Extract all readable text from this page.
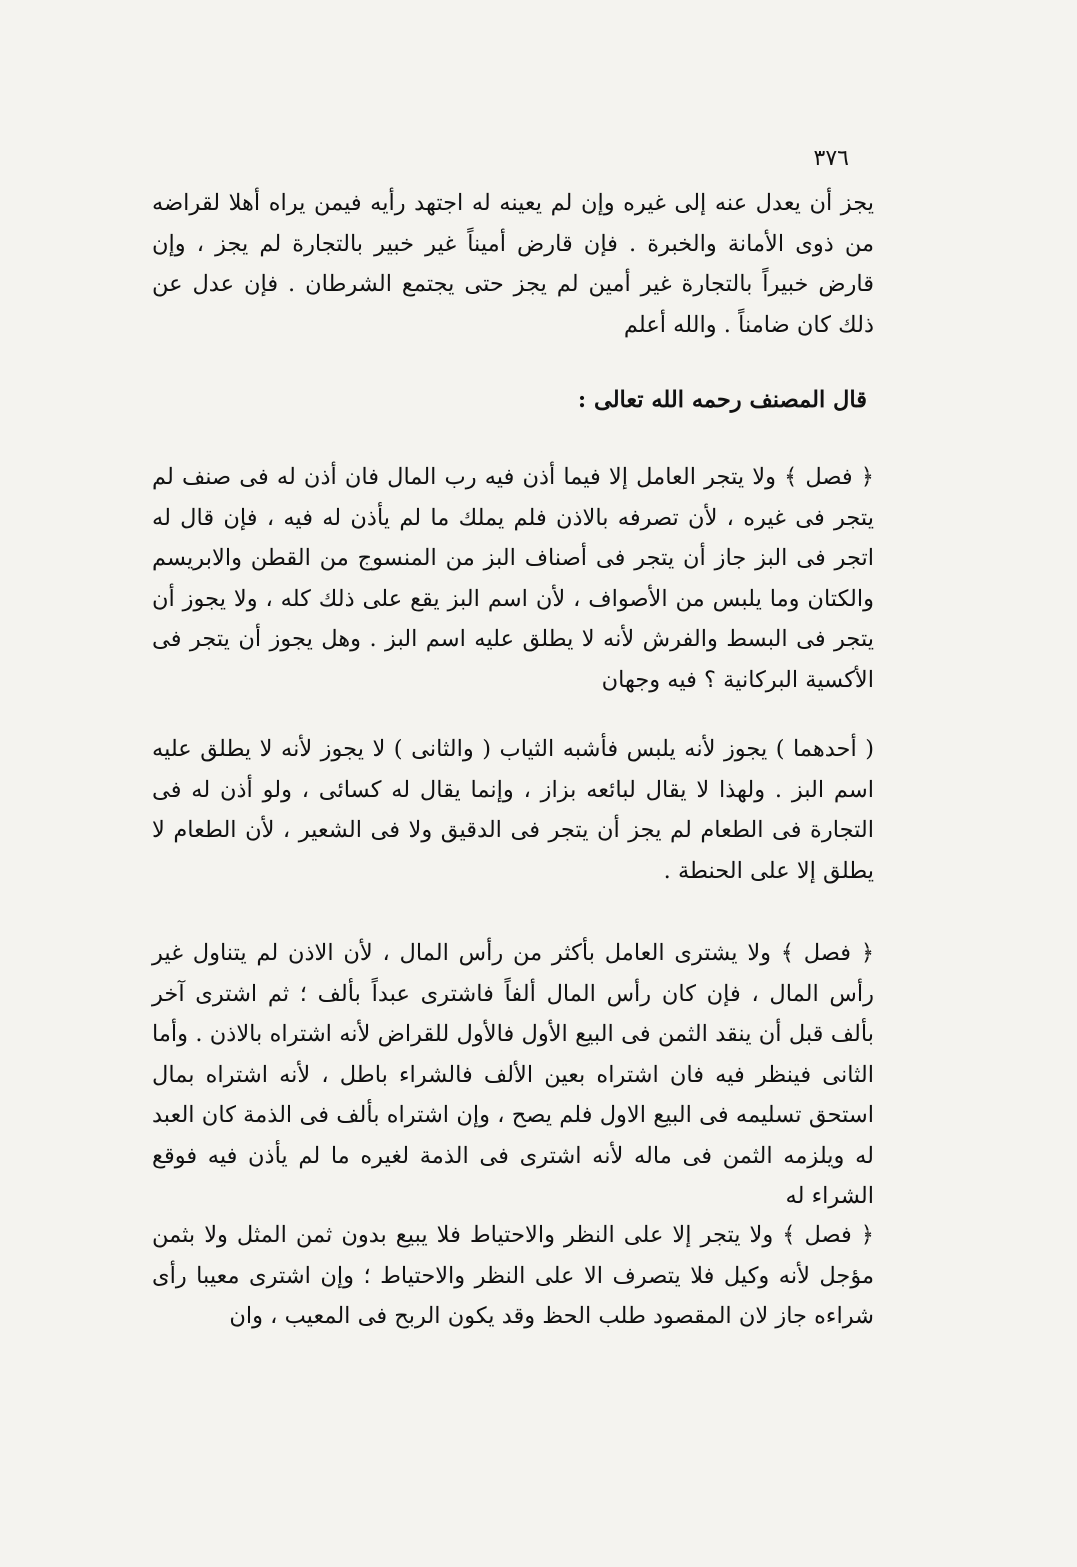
٣٧٦

يجز أن يعدل عنه إلى غيره وإن لم يعينه له اجتهد رأيه فيمن يراه أهلا لقراضه من ذوى الأمانة والخبرة . فإن قارض أميناً غير خبير بالتجارة لم يجز ، وإن قارض خبيراً بالتجارة غير أمين لم يجز حتى يجتمع الشرطان . فإن عدل عن ذلك كان ضامناً . والله أعلم

قال المصنف رحمه الله تعالى :

﴿ فصل ﴾ ولا يتجر العامل إلا فيما أذن فيه رب المال فان أذن له فى صنف لم يتجر فى غيره ، لأن تصرفه بالاذن فلم يملك ما لم يأذن له فيه ، فإن قال له اتجر فى البز جاز أن يتجر فى أصناف البز من المنسوج من القطن والابريسم والكتان وما يلبس من الأصواف ، لأن اسم البز يقع على ذلك كله ، ولا يجوز أن يتجر فى البسط والفرش لأنه لا يطلق عليه اسم البز . وهل يجوز أن يتجر فى الأكسية البركانية ؟ فيه وجهان

( أحدهما ) يجوز لأنه يلبس فأشبه الثياب ( والثانى ) لا يجوز لأنه لا يطلق عليه اسم البز . ولهذا لا يقال لبائعه بزاز ، وإنما يقال له كسائى ، ولو أذن له فى التجارة فى الطعام لم يجز أن يتجر فى الدقيق ولا فى الشعير ، لأن الطعام لا يطلق إلا على الحنطة .

﴿ فصل ﴾ ولا يشترى العامل بأكثر من رأس المال ، لأن الاذن لم يتناول غير رأس المال ، فإن كان رأس المال ألفاً فاشترى عبداً بألف ؛ ثم اشترى آخر بألف قبل أن ينقد الثمن فى البيع الأول فالأول للقراض لأنه اشتراه بالاذن . وأما الثانى فينظر فيه فان اشتراه بعين الألف فالشراء باطل ، لأنه اشتراه بمال استحق تسليمه فى البيع الاول فلم يصح ، وإن اشتراه بألف فى الذمة كان العبد له ويلزمه الثمن فى ماله لأنه اشترى فى الذمة لغيره ما لم يأذن فيه فوقع الشراء له

﴿ فصل ﴾ ولا يتجر إلا على النظر والاحتياط فلا يبيع بدون ثمن المثل ولا بثمن مؤجل لأنه وكيل فلا يتصرف الا على النظر والاحتياط ؛ وإن اشترى معيبا رأى شراءه جاز لان المقصود طلب الحظ وقد يكون الربح فى المعيب ، وان
